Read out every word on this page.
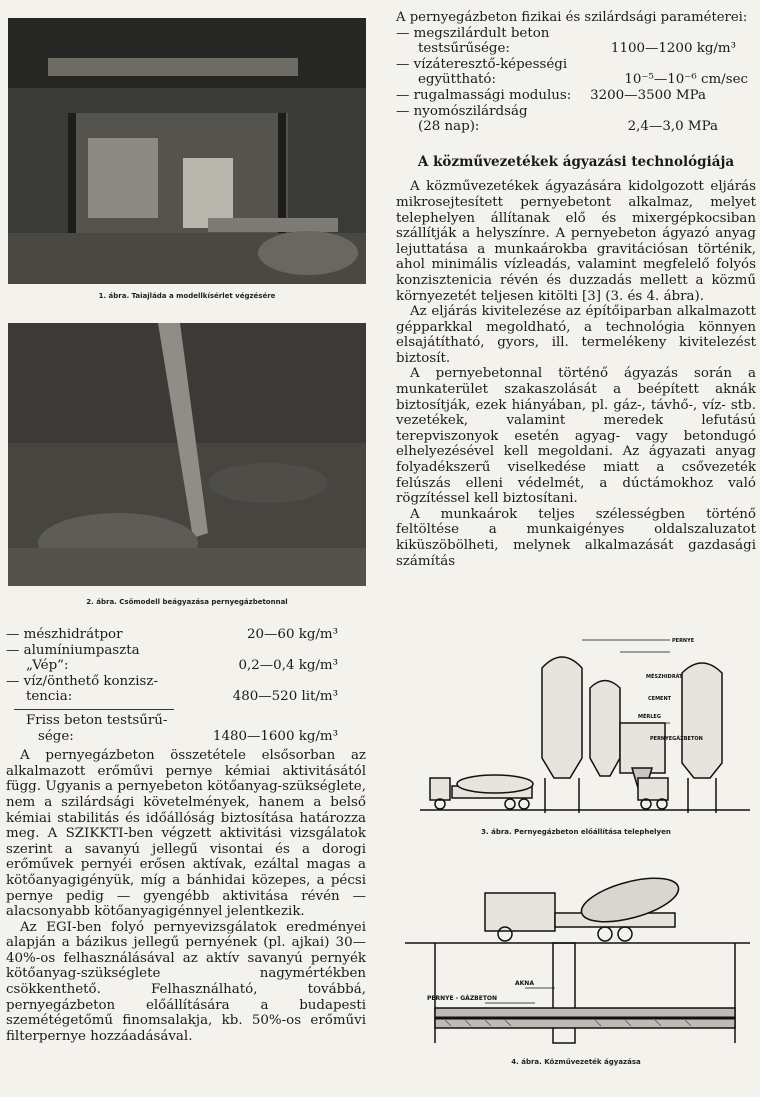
1. ábra. Taiajláda a modellkísérlet végzésére
2. ábra. Csőmodell beágyazása pernyegázbetonnal
— mészhidrátpor	20—60 kg/m³
— alumíniumpaszta
„Vép”:	0,2—0,4 kg/m³
— víz/önthető konzisz-
tencia:	480—520 lit/m³
Friss beton testsűrű-
sége:	1480—1600 kg/m³

A pernyegázbeton összetétele elsősorban az alkalmazott erőművi pernye kémiai aktivitásától függ. Ugyanis a pernyebeton kötőanyag-szükséglete, nem a szilárdsági követelmények, hanem a belső kémiai stabilitás és időállóság biztosítása határozza meg. A SZIKKTI-ben végzett aktivitási vizsgálatok szerint a savanyú jellegű visontai és a dorogi erőművek pernyéi erősen aktívak, ezáltal magas a kötőanyagigényük, míg a bánhidai közepes, a pécsi pernye pedig — gyengébb aktivitása révén — alacsonyabb kötőanyagigénnyel jelentkezik.

Az EGI-ben folyó pernyevizsgálatok eredményei alapján a bázikus jellegű pernyének (pl. ajkai) 30—40%-os felhasználásával az aktív savanyú pernyék kötőanyag-szükséglete nagymértékben csökkenthető. Felhasználható, továbbá, pernyegázbeton előállítására a budapesti szemétégetőmű finomsalakja, kb. 50%-os erőművi filterpernye hozzáadásával.

A pernyegázbeton fizikai és szilárdsági paraméterei:
— megszilárdult beton
testsűrűsége:	1100—1200 kg/m³
— vízáteresztő-képességi
együttható:	10⁻⁵—10⁻⁶ cm/sec
— rugalmassági modulus: 3200—3500 MPa
— nyomószilárdság
(28 nap):	2,4—3,0 MPa
A közművezetékek ágyazási technológiája

A közművezetékek ágyazására kidolgozott eljárás mikrosejtesített pernyebetont alkalmaz, melyet telephelyen állítanak elő és mixergépkocsiban szállítják a helyszínre. A pernyebeton ágyazó anyag lejuttatása a munkaárokba gravitációsan történik, ahol minimális vízleadás, valamint megfelelő folyós konzisztenicia révén és duzzadás mellett a közmű környezetét teljesen kitölti [3] (3. és 4. ábra).

Az eljárás kivitelezése az építőiparban alkalmazott gépparkkal megoldható, a technológia könnyen elsajátítható, gyors, ill. termelékeny kivitelezést biztosít.

A pernyebetonnal történő ágyazás során a munkaterület szakaszolását a beépített aknák biztosítják, ezek hiányában, pl. gáz-, távhő-, víz- stb. vezetékek, valamint meredek lefutású terepviszonyok esetén agyag- vagy betondugó elhelyezésével kell megoldani. Az ágyazati anyag folyadékszerű viselkedése miatt a csővezeték felúszás elleni védelmét, a dúctámokhoz való rögzítéssel kell biztosítani.

A munkaárok teljes szélességben történő feltöltése a munkaigényes oldalszaluzatot kiküszöbölheti, melynek alkalmazását gazdasági számítás

PERNYE
MÉSZHIDRÁT
CEMENT
MÉRLEG
PERNYEGÁZBETON
3. ábra. Pernyegázbeton előállítása telephelyen
AKNA
PERNYE - GÁZBETON
4. ábra. Közművezeték ágyazása
